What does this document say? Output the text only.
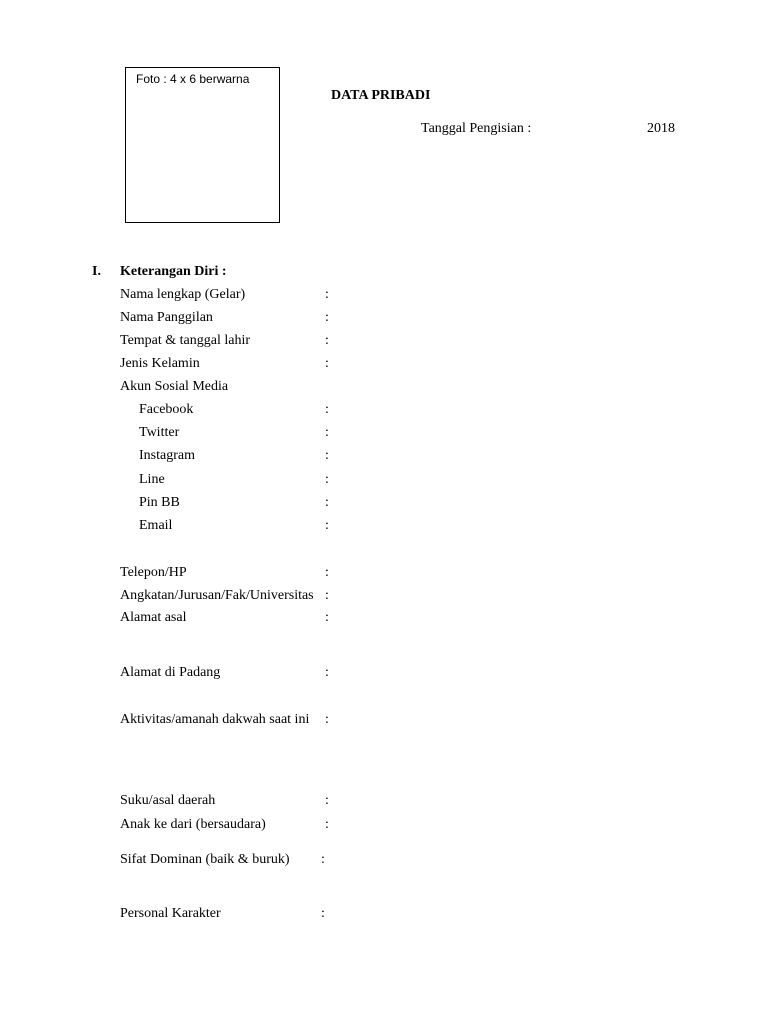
Foto : 4 x 6 berwarna
DATA PRIBADI
Tanggal Pengisian :	2018
I. Keterangan Diri :
Nama lengkap (Gelar)	:
Nama Panggilan	:
Tempat & tanggal lahir	:
Jenis Kelamin	:
Akun Sosial Media
Facebook	:
Twitter	:
Instagram	:
Line	:
Pin BB	:
Email	:
Telepon/HP	:
Angkatan/Jurusan/Fak/Universitas :
Alamat asal	:
Alamat di Padang	:
Aktivitas/amanah dakwah saat ini :
Suku/asal daerah	:
Anak ke dari (bersaudara)	:
Sifat Dominan (baik & buruk) :
Personal Karakter	:
